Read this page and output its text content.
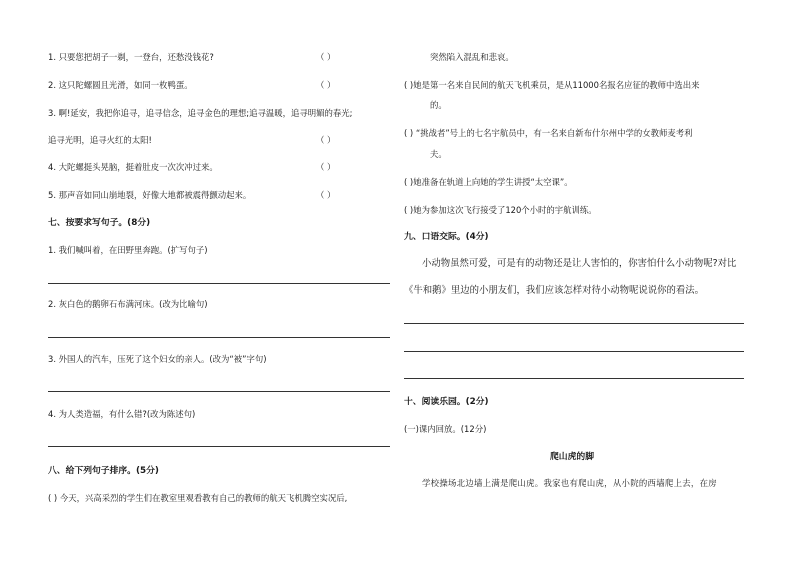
1. 只要您把胡子一剃，一登台，还愁没钱花?	（ ）
2. 这只陀螺圆且光滑，如同一枚鸭蛋。	（ ）
3. 啊!延安，我把你追寻，追寻信念，追寻金色的理想;追寻温暖，追寻明媚的春光;
追寻光明，追寻火红的太阳!	（ ）
4. 大陀螺挺头晃脑，挺着肚皮一次次冲过来。	（ ）
5. 那声音如同山崩地裂，好像大地都被震得颤动起来。	（ ）
七、按要求写句子。(8分)
1. 我们喊叫着，在田野里奔跑。(扩写句子)
2. 灰白色的鹅卵石布满河床。(改为比喻句)
3. 外国人的汽车，压死了这个妇女的亲人。(改为“被”字句)
4. 为人类造福，有什么错?(改为陈述句)
八、给下列句子排序。(5分)
( ) 今天，兴高采烈的学生们在教室里观看教有自己的教师的航天飞机腾空实况后,
突然陷入混乱和悲哀。
( )她是第一名来自民间的航天飞机乘员，是从11000名报名应征的教师中选出来
的。
( ) “挑战者”号上的七名宇航员中，有一名来自新布什尔州中学的女教师麦考利
夫。
( )她准备在轨道上向她的学生讲授“太空课”。
( )她为参加这次飞行接受了120个小时的宇航训练。
九、口语交际。(4分)
小动物虽然可爱，可是有的动物还是让人害怕的，你害怕什么小动物呢?对比
《牛和鹅》里边的小朋友们，我们应该怎样对待小动物呢说说你的看法。
十、阅读乐园。(2分)
(一)课内回放。(12分)
爬山虎的脚
学校操场北边墙上满是爬山虎。我家也有爬山虎，从小院的西墙爬上去，在房
